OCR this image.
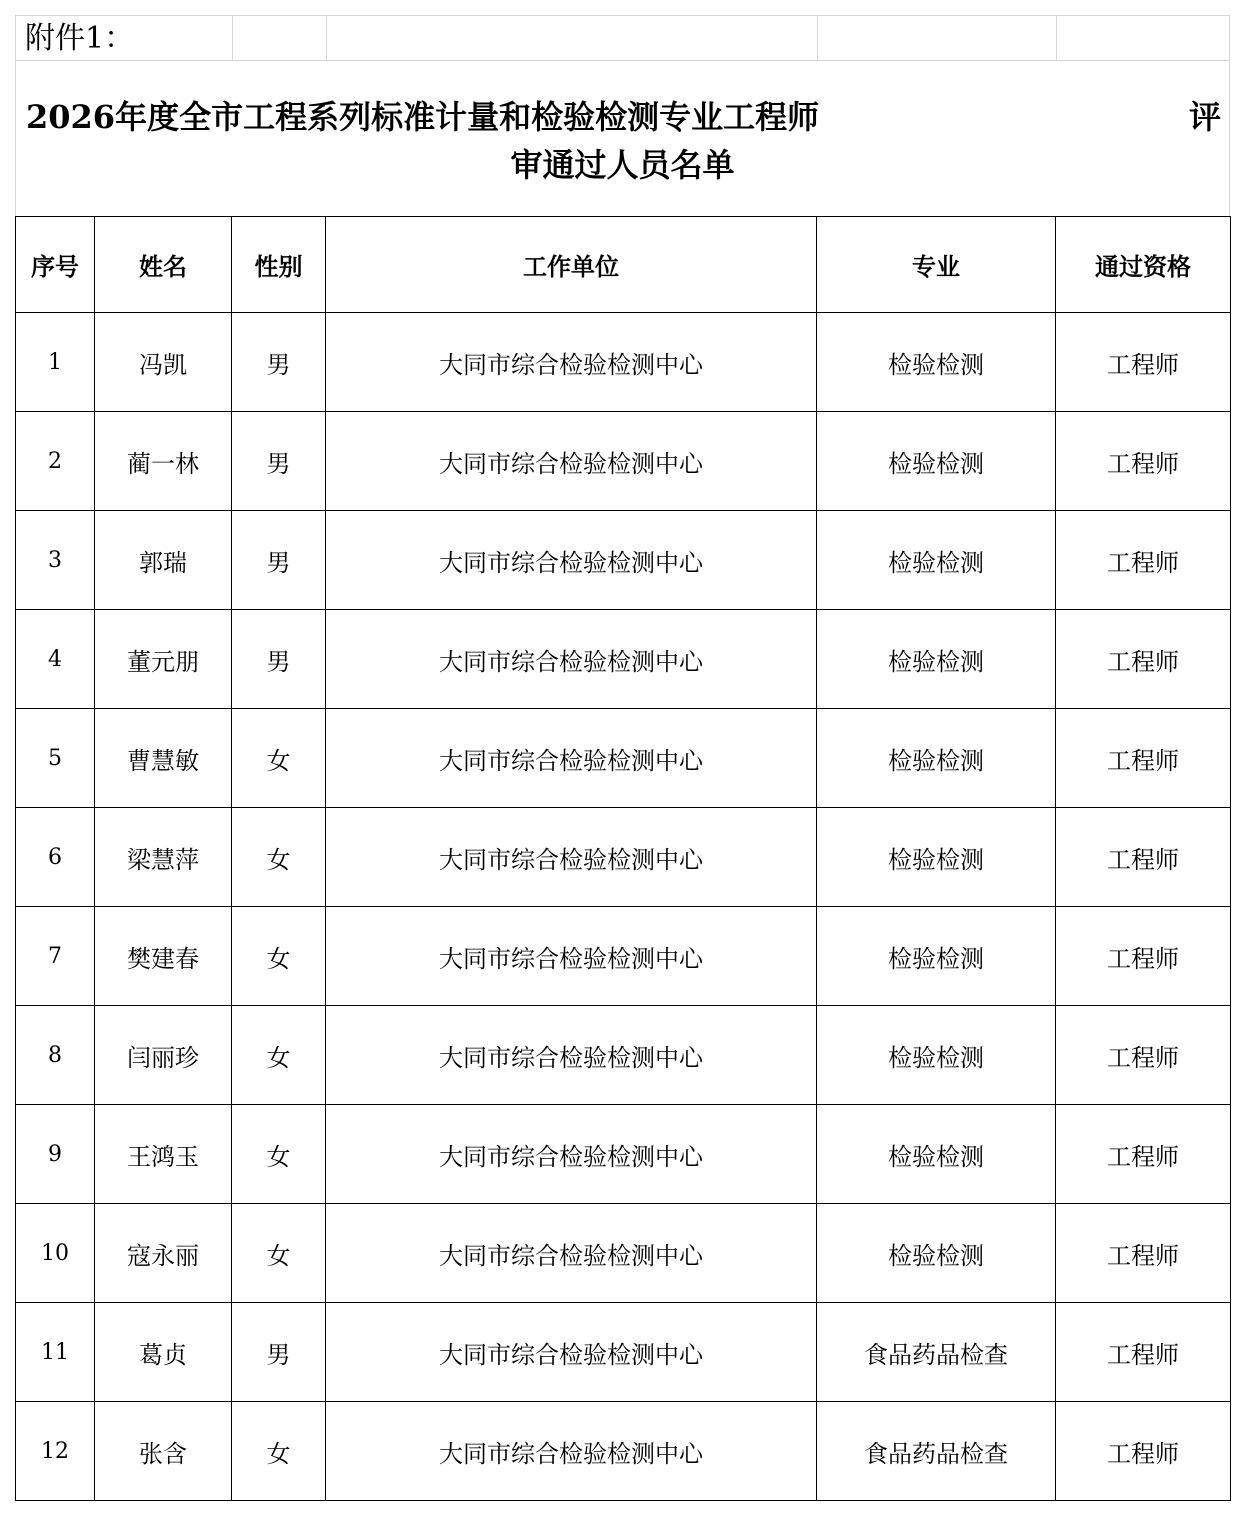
附件1：
2026年度全市工程系列标准计量和检验检测专业工程师	评
审通过人员名单
序号	姓名	性别	工作单位	专业	通过资格
1	冯凯	男	大同市综合检验检测中心	检验检测	工程师
2	蔺一林	男	大同市综合检验检测中心	检验检测	工程师
3	郭瑞	男	大同市综合检验检测中心	检验检测	工程师
4	董元朋	男	大同市综合检验检测中心	检验检测	工程师
5	曹慧敏	女	大同市综合检验检测中心	检验检测	工程师
6	梁慧萍	女	大同市综合检验检测中心	检验检测	工程师
7	樊建春	女	大同市综合检验检测中心	检验检测	工程师
8	闫丽珍	女	大同市综合检验检测中心	检验检测	工程师
9	王鸿玉	女	大同市综合检验检测中心	检验检测	工程师
10	寇永丽	女	大同市综合检验检测中心	检验检测	工程师
11	葛贞	男	大同市综合检验检测中心	食品药品检查	工程师
12	张含	女	大同市综合检验检测中心	食品药品检查	工程师
